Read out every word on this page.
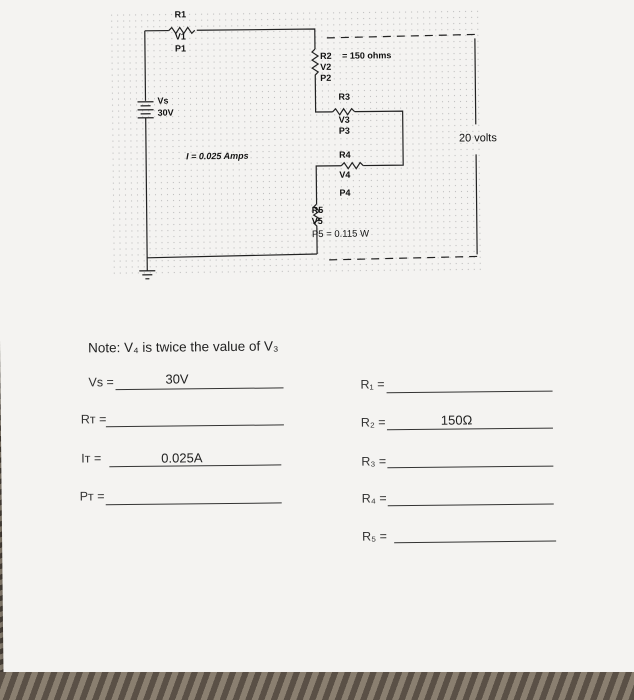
R1
V1
P1
R2 = 150 ohms
V2
P2
R3
V3
P3
R4
V4
P4
R5
V5
P5 = 0.115 W
Vs
30V
I = 0.025 Amps
20 volts
Note: V₄ is twice the value of V₃
Vs =	30V
Rᴛ =
Iᴛ =	0.025A
Pᴛ =
R₁ =
R₂ =	150Ω
R₃ =
R₄ =
R₅ =
